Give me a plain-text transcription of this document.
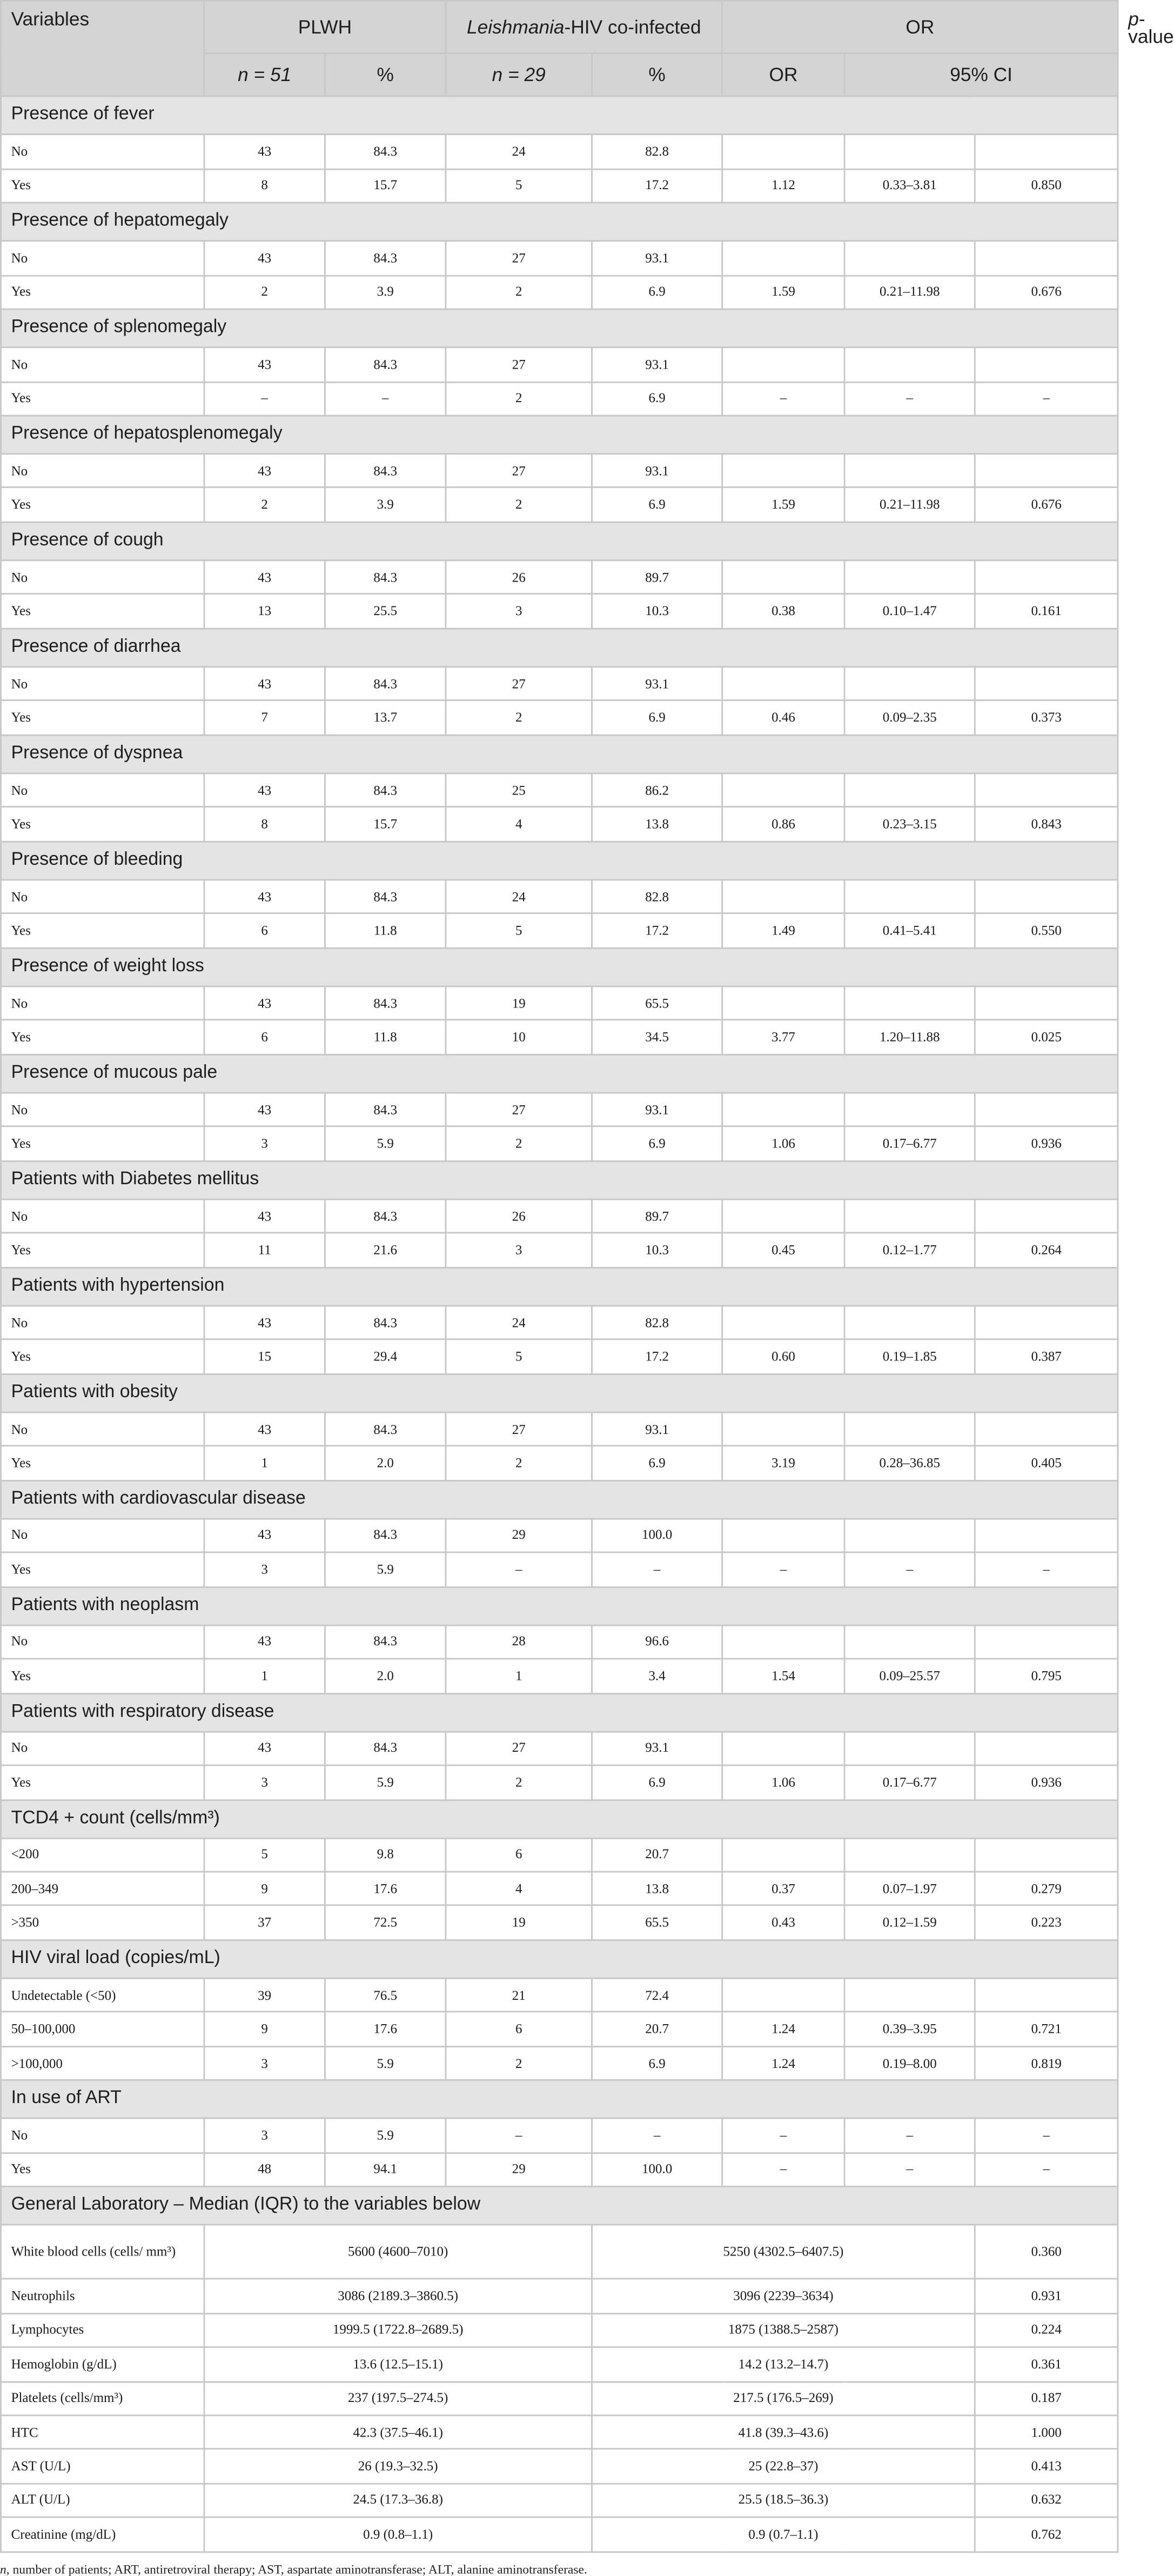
Variables	PLWH		Leishmania-HIV co-infected		OR			p-value
	n = 51	%	n = 29	%	OR	95% CI		
Presence of fever								
No	43	84.3	24	82.8				
Yes	8	15.7	5	17.2	1.12	0.33–3.81	0.850	
Presence of hepatomegaly								
No	43	84.3	27	93.1				
Yes	2	3.9	2	6.9	1.59	0.21–11.98	0.676	
Presence of splenomegaly								
No	43	84.3	27	93.1				
Yes	–	–	2	6.9	–	–	–	
Presence of hepatosplenomegaly								
No	43	84.3	27	93.1				
Yes	2	3.9	2	6.9	1.59	0.21–11.98	0.676	
Presence of cough								
No	43	84.3	26	89.7				
Yes	13	25.5	3	10.3	0.38	0.10–1.47	0.161	
Presence of diarrhea								
No	43	84.3	27	93.1				
Yes	7	13.7	2	6.9	0.46	0.09–2.35	0.373	
Presence of dyspnea								
No	43	84.3	25	86.2				
Yes	8	15.7	4	13.8	0.86	0.23–3.15	0.843	
Presence of bleeding								
No	43	84.3	24	82.8				
Yes	6	11.8	5	17.2	1.49	0.41–5.41	0.550	
Presence of weight loss								
No	43	84.3	19	65.5				
Yes	6	11.8	10	34.5	3.77	1.20–11.88	0.025	
Presence of mucous pale								
No	43	84.3	27	93.1				
Yes	3	5.9	2	6.9	1.06	0.17–6.77	0.936	
Patients with Diabetes mellitus								
No	43	84.3	26	89.7				
Yes	11	21.6	3	10.3	0.45	0.12–1.77	0.264	
Patients with hypertension								
No	43	84.3	24	82.8				
Yes	15	29.4	5	17.2	0.60	0.19–1.85	0.387	
Patients with obesity								
No	43	84.3	27	93.1				
Yes	1	2.0	2	6.9	3.19	0.28–36.85	0.405	
Patients with cardiovascular disease								
No	43	84.3	29	100.0				
Yes	3	5.9	–	–	–	–	–	
Patients with neoplasm								
No	43	84.3	28	96.6				
Yes	1	2.0	1	3.4	1.54	0.09–25.57	0.795	
Patients with respiratory disease								
No	43	84.3	27	93.1				
Yes	3	5.9	2	6.9	1.06	0.17–6.77	0.936	
TCD4 + count (cells/mm³)								
<200	5	9.8	6	20.7				
200–349	9	17.6	4	13.8	0.37	0.07–1.97	0.279	
>350	37	72.5	19	65.5	0.43	0.12–1.59	0.223	
HIV viral load (copies/mL)								
Undetectable (<50)	39	76.5	21	72.4				
50–100,000	9	17.6	6	20.7	1.24	0.39–3.95	0.721	
>100,000	3	5.9	2	6.9	1.24	0.19–8.00	0.819	
In use of ART								
No	3	5.9	–	–	–	–	–	
Yes	48	94.1	29	100.0	–	–	–	
General Laboratory – Median (IQR) to the variables below								
White blood cells (cells/ mm³)	5600 (4600–7010)			5250 (4302.5–6407.5)			0.360	
Neutrophils	3086 (2189.3–3860.5)			3096 (2239–3634)			0.931	
Lymphocytes	1999.5 (1722.8–2689.5)			1875 (1388.5–2587)			0.224	
Hemoglobin (g/dL)	13.6 (12.5–15.1)			14.2 (13.2–14.7)			0.361	
Platelets (cells/mm³)	237 (197.5–274.5)			217.5 (176.5–269)			0.187	
HTC	42.3 (37.5–46.1)			41.8 (39.3–43.6)			1.000	
AST (U/L)	26 (19.3–32.5)			25 (22.8–37)			0.413	
ALT (U/L)	24.5 (17.3–36.8)			25.5 (18.5–36.3)			0.632	
Creatinine (mg/dL)	0.9 (0.8–1.1)			0.9 (0.7–1.1)			0.762	
n, number of patients; ART, antiretroviral therapy; AST, aspartate aminotransferase; ALT, alanine aminotransferase.
